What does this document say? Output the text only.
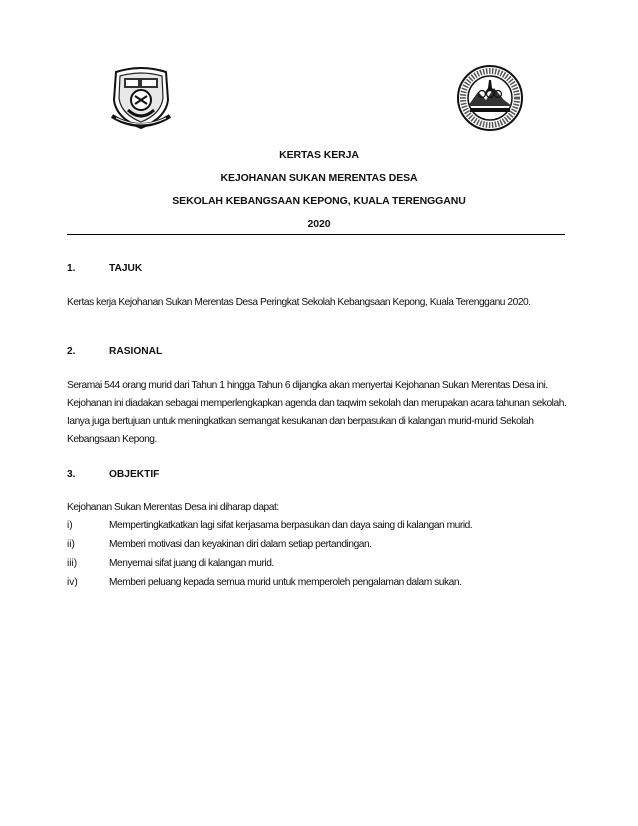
KERTAS KERJA
KEJOHANAN SUKAN MERENTAS DESA
SEKOLAH KEBANGSAAN KEPONG, KUALA TERENGGANU
2020
1.	TAJUK
Kertas kerja Kejohanan Sukan Merentas Desa Peringkat Sekolah Kebangsaan Kepong, Kuala Terengganu 2020.
2.	RASIONAL
Seramai 544 orang murid dari Tahun 1 hingga Tahun 6 dijangka akan menyertai Kejohanan Sukan Merentas Desa ini. Kejohanan ini diadakan sebagai memperlengkapkan agenda dan taqwim sekolah dan merupakan acara tahunan sekolah. Ianya juga bertujuan untuk meningkatkan semangat kesukanan dan berpasukan di kalangan murid-murid Sekolah Kebangsaan Kepong.
3.	OBJEKTIF
Kejohanan Sukan Merentas Desa ini diharap dapat:
i)	Mempertingkatkatkan lagi sifat kerjasama berpasukan dan daya saing di kalangan murid.
ii)	Memberi motivasi dan keyakinan diri dalam setiap pertandingan.
iii)	Menyemai sifat juang di kalangan murid.
iv)	Memberi peluang kepada semua murid untuk memperoleh pengalaman dalam sukan.
